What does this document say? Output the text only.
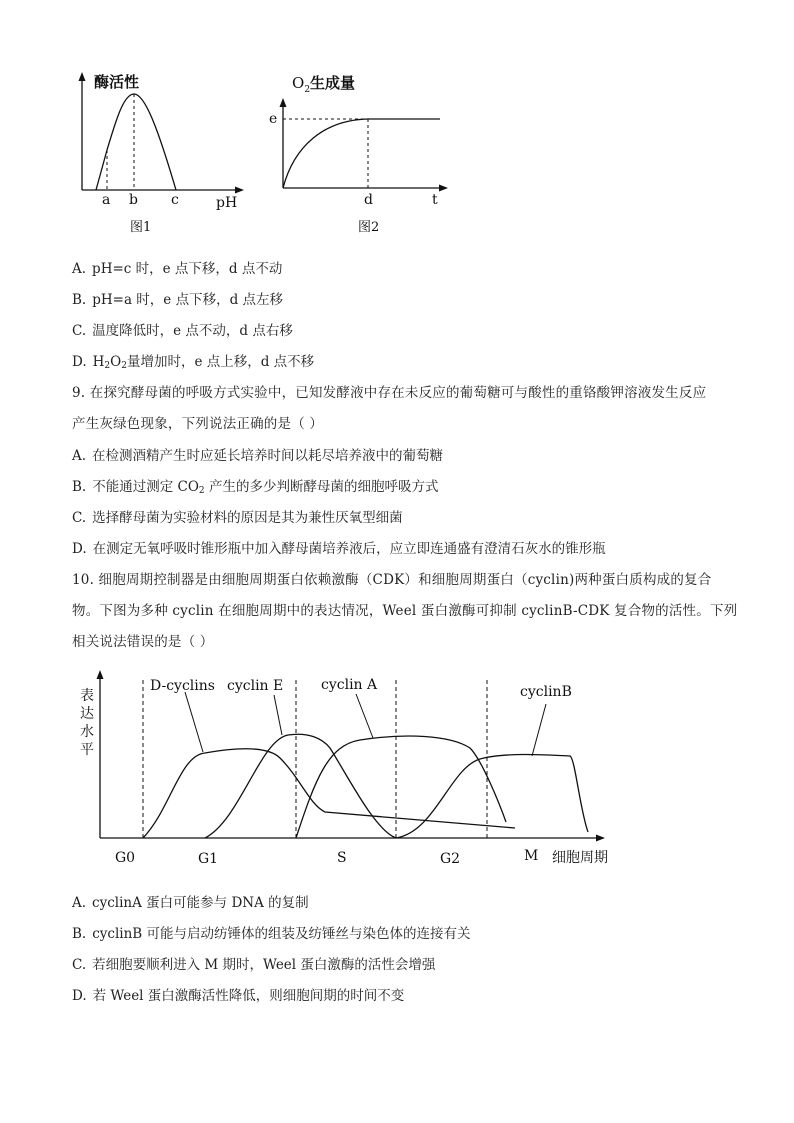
酶活性
a b c	pH
图1
$O_2$生成量
e
d	t
图2
A. pH=c 时，e 点下移，d 点不动
B. pH=a 时，e 点下移，d 点左移
C. 温度降低时，e 点不动，d 点右移
D. $H_2O_2$量增加时，e 点上移，d 点不移
9. 在探究酵母菌的呼吸方式实验中，已知发酵液中存在未反应的葡萄糖可与酸性的重铬酸钾溶液发生反应
产生灰绿色现象，下列说法正确的是（ ）
A. 在检测酒精产生时应延长培养时间以耗尽培养液中的葡萄糖
B. 不能通过测定 $CO_2$ 产生的多少判断酵母菌的细胞呼吸方式
C. 选择酵母菌为实验材料的原因是其为兼性厌氧型细菌
D. 在测定无氧呼吸时锥形瓶中加入酵母菌培养液后，应立即连通盛有澄清石灰水的锥形瓶
10. 细胞周期控制器是由细胞周期蛋白依赖激酶（CDK）和细胞周期蛋白（cyclin)两种蛋白质构成的复合
物。下图为多种 cyclin 在细胞周期中的表达情况，Weel 蛋白激酶可抑制 cyclinB-CDK 复合物的活性。下列
相关说法错误的是（ ）
D-cyclins cyclin E	cyclin A	cyclinB
表
达
水
平
G0	G1	S	G2	M 细胞周期
A. cyclinA 蛋白可能参与 DNA 的复制
B. cyclinB 可能与启动纺锤体的组装及纺锤丝与染色体的连接有关
C. 若细胞要顺利进入 M 期时，Weel 蛋白激酶的活性会增强
D. 若 Weel 蛋白激酶活性降低，则细胞间期的时间不变
